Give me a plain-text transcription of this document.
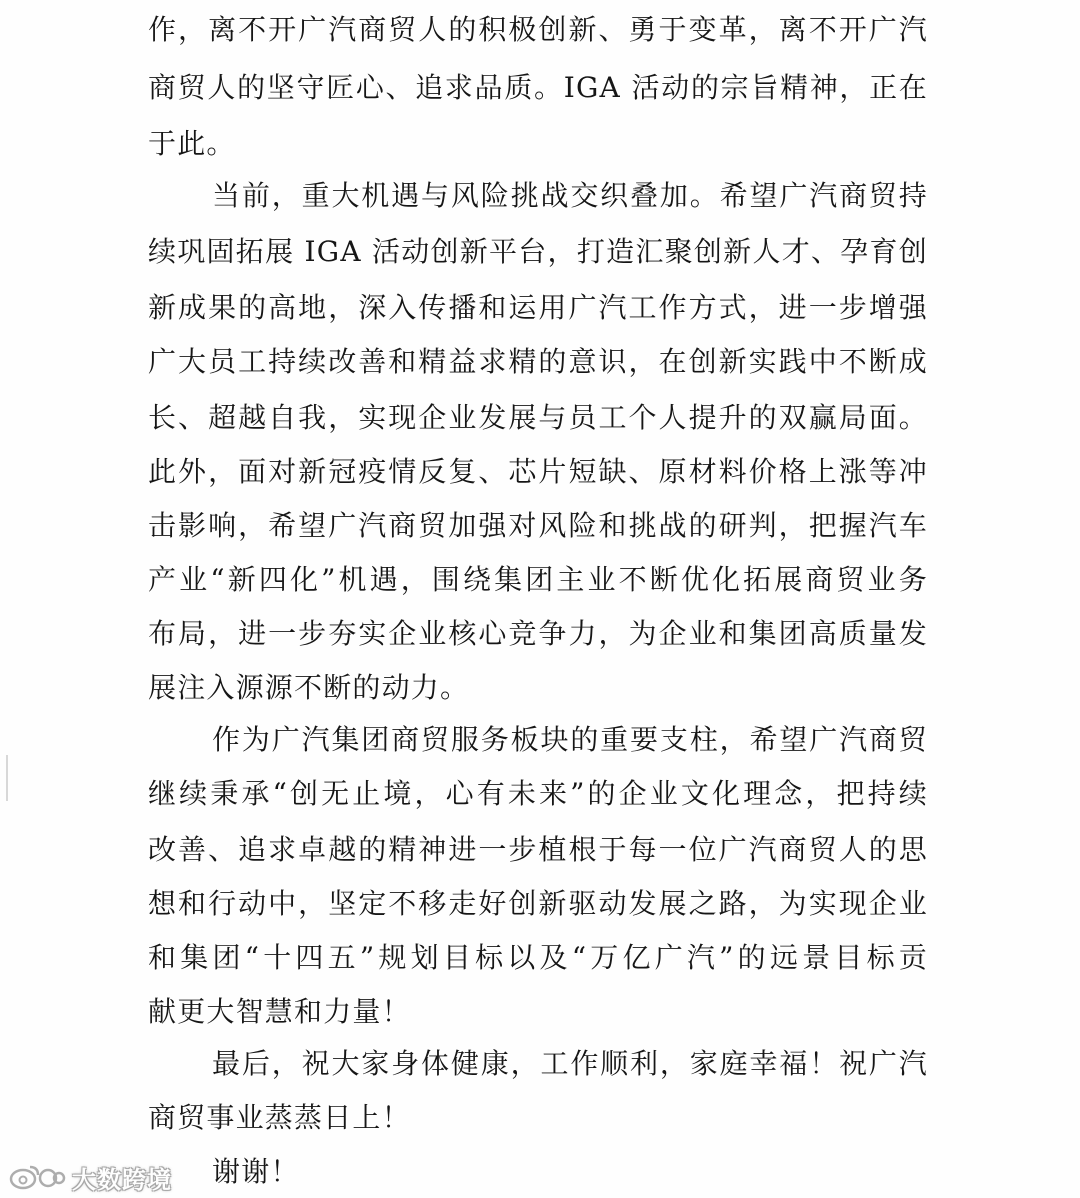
作，离不开广汽商贸人的积极创新、勇于变革，离不开广汽
商贸人的坚守匠心、追求品质。IGA 活动的宗旨精神，正在
于此。
当前，重大机遇与风险挑战交织叠加。希望广汽商贸持
续巩固拓展 IGA 活动创新平台，打造汇聚创新人才、孕育创
新成果的高地，深入传播和运用广汽工作方式，进一步增强
广大员工持续改善和精益求精的意识，在创新实践中不断成
长、超越自我，实现企业发展与员工个人提升的双赢局面。
此外，面对新冠疫情反复、芯片短缺、原材料价格上涨等冲
击影响，希望广汽商贸加强对风险和挑战的研判，把握汽车
产业“新四化”机遇，围绕集团主业不断优化拓展商贸业务
布局，进一步夯实企业核心竞争力，为企业和集团高质量发
展注入源源不断的动力。
作为广汽集团商贸服务板块的重要支柱，希望广汽商贸
继续秉承“创无止境，心有未来”的企业文化理念，把持续
改善、追求卓越的精神进一步植根于每一位广汽商贸人的思
想和行动中，坚定不移走好创新驱动发展之路，为实现企业
和集团“十四五”规划目标以及“万亿广汽”的远景目标贡
献更大智慧和力量！
最后，祝大家身体健康，工作顺利，家庭幸福！祝广汽
商贸事业蒸蒸日上！
谢谢！
大数跨境
